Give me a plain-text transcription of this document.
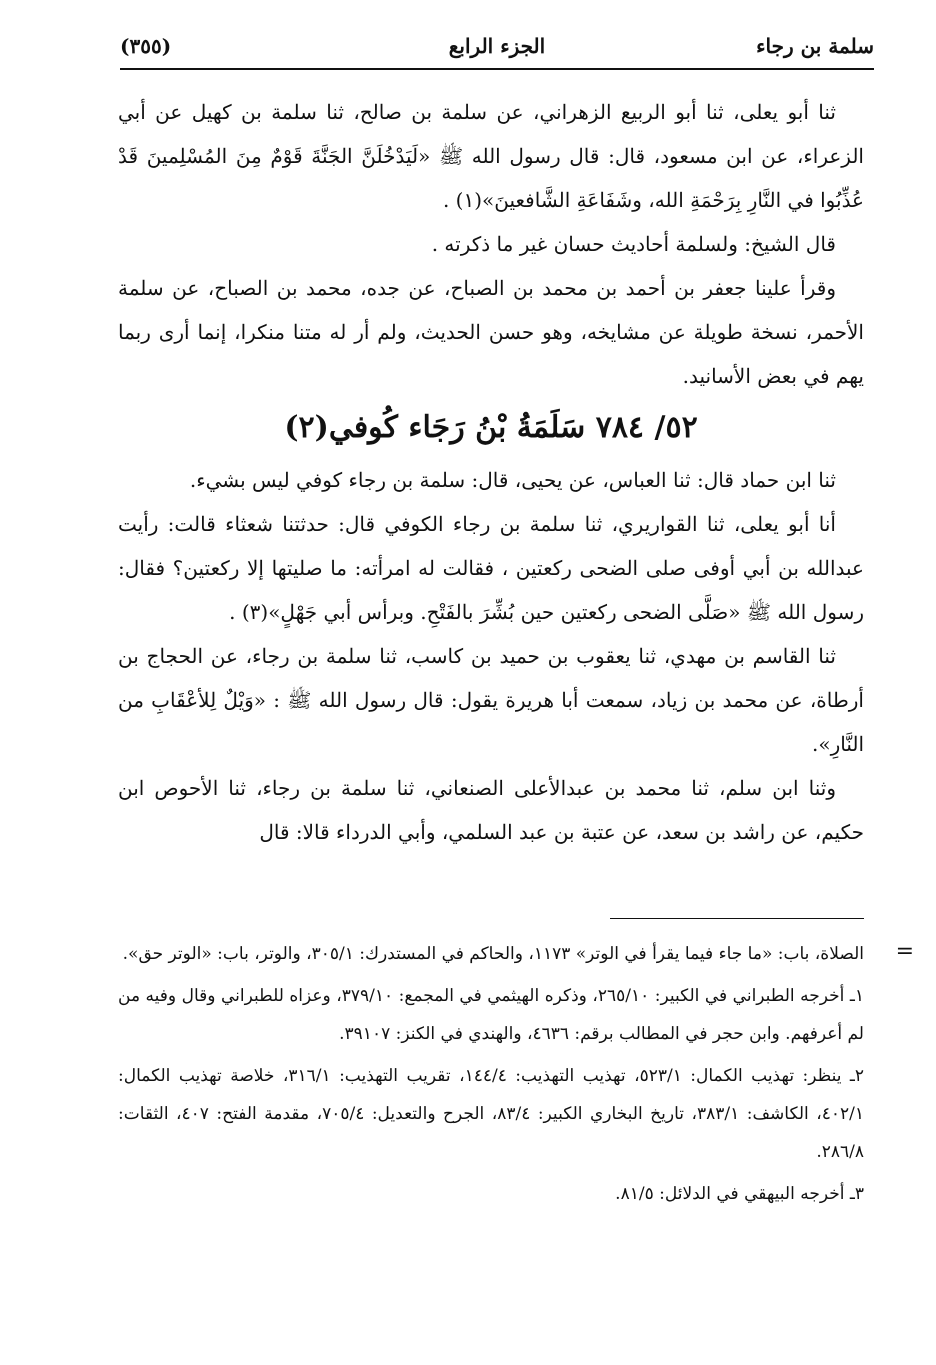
سلمة بن رجاء
الجزء الرابع
(٣٥٥)

ثنا أبو يعلى، ثنا أبو الربيع الزهراني، عن سلمة بن صالح، ثنا سلمة بن كهيل عن أبي الزعراء، عن ابن مسعود، قال: قال رسول الله ﷺ «لَيَدْخُلَنَّ الجَنَّةَ قَوْمٌ مِنَ المُسْلِمينَ قَدْ عُذِّبُوا في النَّارِ بِرَحْمَةِ الله، وشَفَاعَةِ الشَّافعينَ»(١) .

قال الشيخ: ولسلمة أحاديث حسان غير ما ذكرته .

وقرأ علينا جعفر بن أحمد بن محمد بن الصباح، عن جده، محمد بن الصباح، عن سلمة الأحمر، نسخة طويلة عن مشايخه، وهو حسن الحديث، ولم أر له متنا منكرا، إنما أرى ربما يهم في بعض الأسانيد.

٥٢/ ٧٨٤ سَلَمَةُ بْنُ رَجَاء كُوفي(٢)

ثنا ابن حماد قال: ثنا العباس، عن يحيى، قال: سلمة بن رجاء كوفي ليس بشيء.

أنا أبو يعلى، ثنا القواريري، ثنا سلمة بن رجاء الكوفي قال: حدثتنا شعثاء قالت: رأيت عبدالله بن أبي أوفى صلى الضحى ركعتين ، فقالت له امرأته: ما صليتها إلا ركعتين؟ فقال: رسول الله ﷺ «صَلَّى الضحى ركعتين حين بُشِّرَ بالفَتْحِ. وبرأس أبي جَهْلٍ»(٣) .

ثنا القاسم بن مهدي، ثنا يعقوب بن حميد بن كاسب، ثنا سلمة بن رجاء، عن الحجاج بن أرطاة، عن محمد بن زياد، سمعت أبا هريرة يقول: قال رسول الله ﷺ : «وَيْلٌ لِلأعْقَابِ من النَّارِ».

وثنا ابن سلم، ثنا محمد بن عبدالأعلى الصنعاني، ثنا سلمة بن رجاء، ثنا الأحوص ابن حكيم، عن راشد بن سعد، عن عتبة بن عبد السلمي، وأبي الدرداء قالا: قال

=

الصلاة، باب: «ما جاء فيما يقرأ في الوتر» ١١٧٣، والحاكم في المستدرك: ٣٠٥/١، والوتر، باب: «الوتر حق».

١ـ أخرجه الطبراني في الكبير: ٢٦٥/١٠، وذكره الهيثمي في المجمع: ٣٧٩/١٠، وعزاه للطبراني وقال وفيه من لم أعرفهم. وابن حجر في المطالب برقم: ٤٦٣٦، والهندي في الكنز: ٣٩١٠٧.

٢ـ ينظر: تهذيب الكمال: ٥٢٣/١، تهذيب التهذيب: ١٤٤/٤، تقريب التهذيب: ٣١٦/١، خلاصة تهذيب الكمال: ٤٠٢/١، الكاشف: ٣٨٣/١، تاريخ البخاري الكبير: ٨٣/٤، الجرح والتعديل: ٧٠٥/٤، مقدمة الفتح: ٤٠٧، الثقات: ٢٨٦/٨.

٣ـ أخرجه البيهقي في الدلائل: ٨١/٥.
